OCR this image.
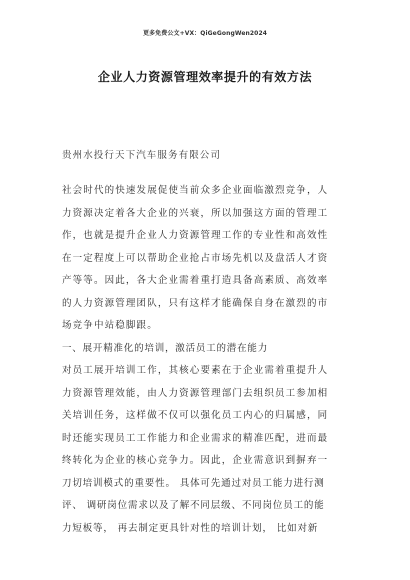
更多免费公文+VX：QiGeGongWen2024
企业人力资源管理效率提升的有效方法
贵州水投行天下汽车服务有限公司
社会时代的快速发展促使当前众多企业面临激烈竞争，人
力资源决定着各大企业的兴衰，所以加强这方面的管理工
作，也就是提升企业人力资源管理工作的专业性和高效性
在一定程度上可以帮助企业抢占市场先机以及盘活人才资
产等等。因此，各大企业需着重打造具备高素质、高效率
的人力资源管理团队，只有这样才能确保自身在激烈的市
场竞争中站稳脚跟。
一、展开精准化的培训，激活员工的潜在能力
对员工展开培训工作，其核心要素在于企业需着重提升人
力资源管理效能，由人力资源管理部门去组织员工参加相
关培训任务，这样做不仅可以强化员工内心的归属感，同
时还能实现员工工作能力和企业需求的精准匹配，进而最
终转化为企业的核心竞争力。因此，企业需意识到摒弃一
刀切培训模式的重要性。 具体可先通过对员工能力进行测
评、 调研岗位需求以及了解不同层级、不同岗位员工的能
力短板等， 再去制定更具针对性的培训计划， 比如对新
